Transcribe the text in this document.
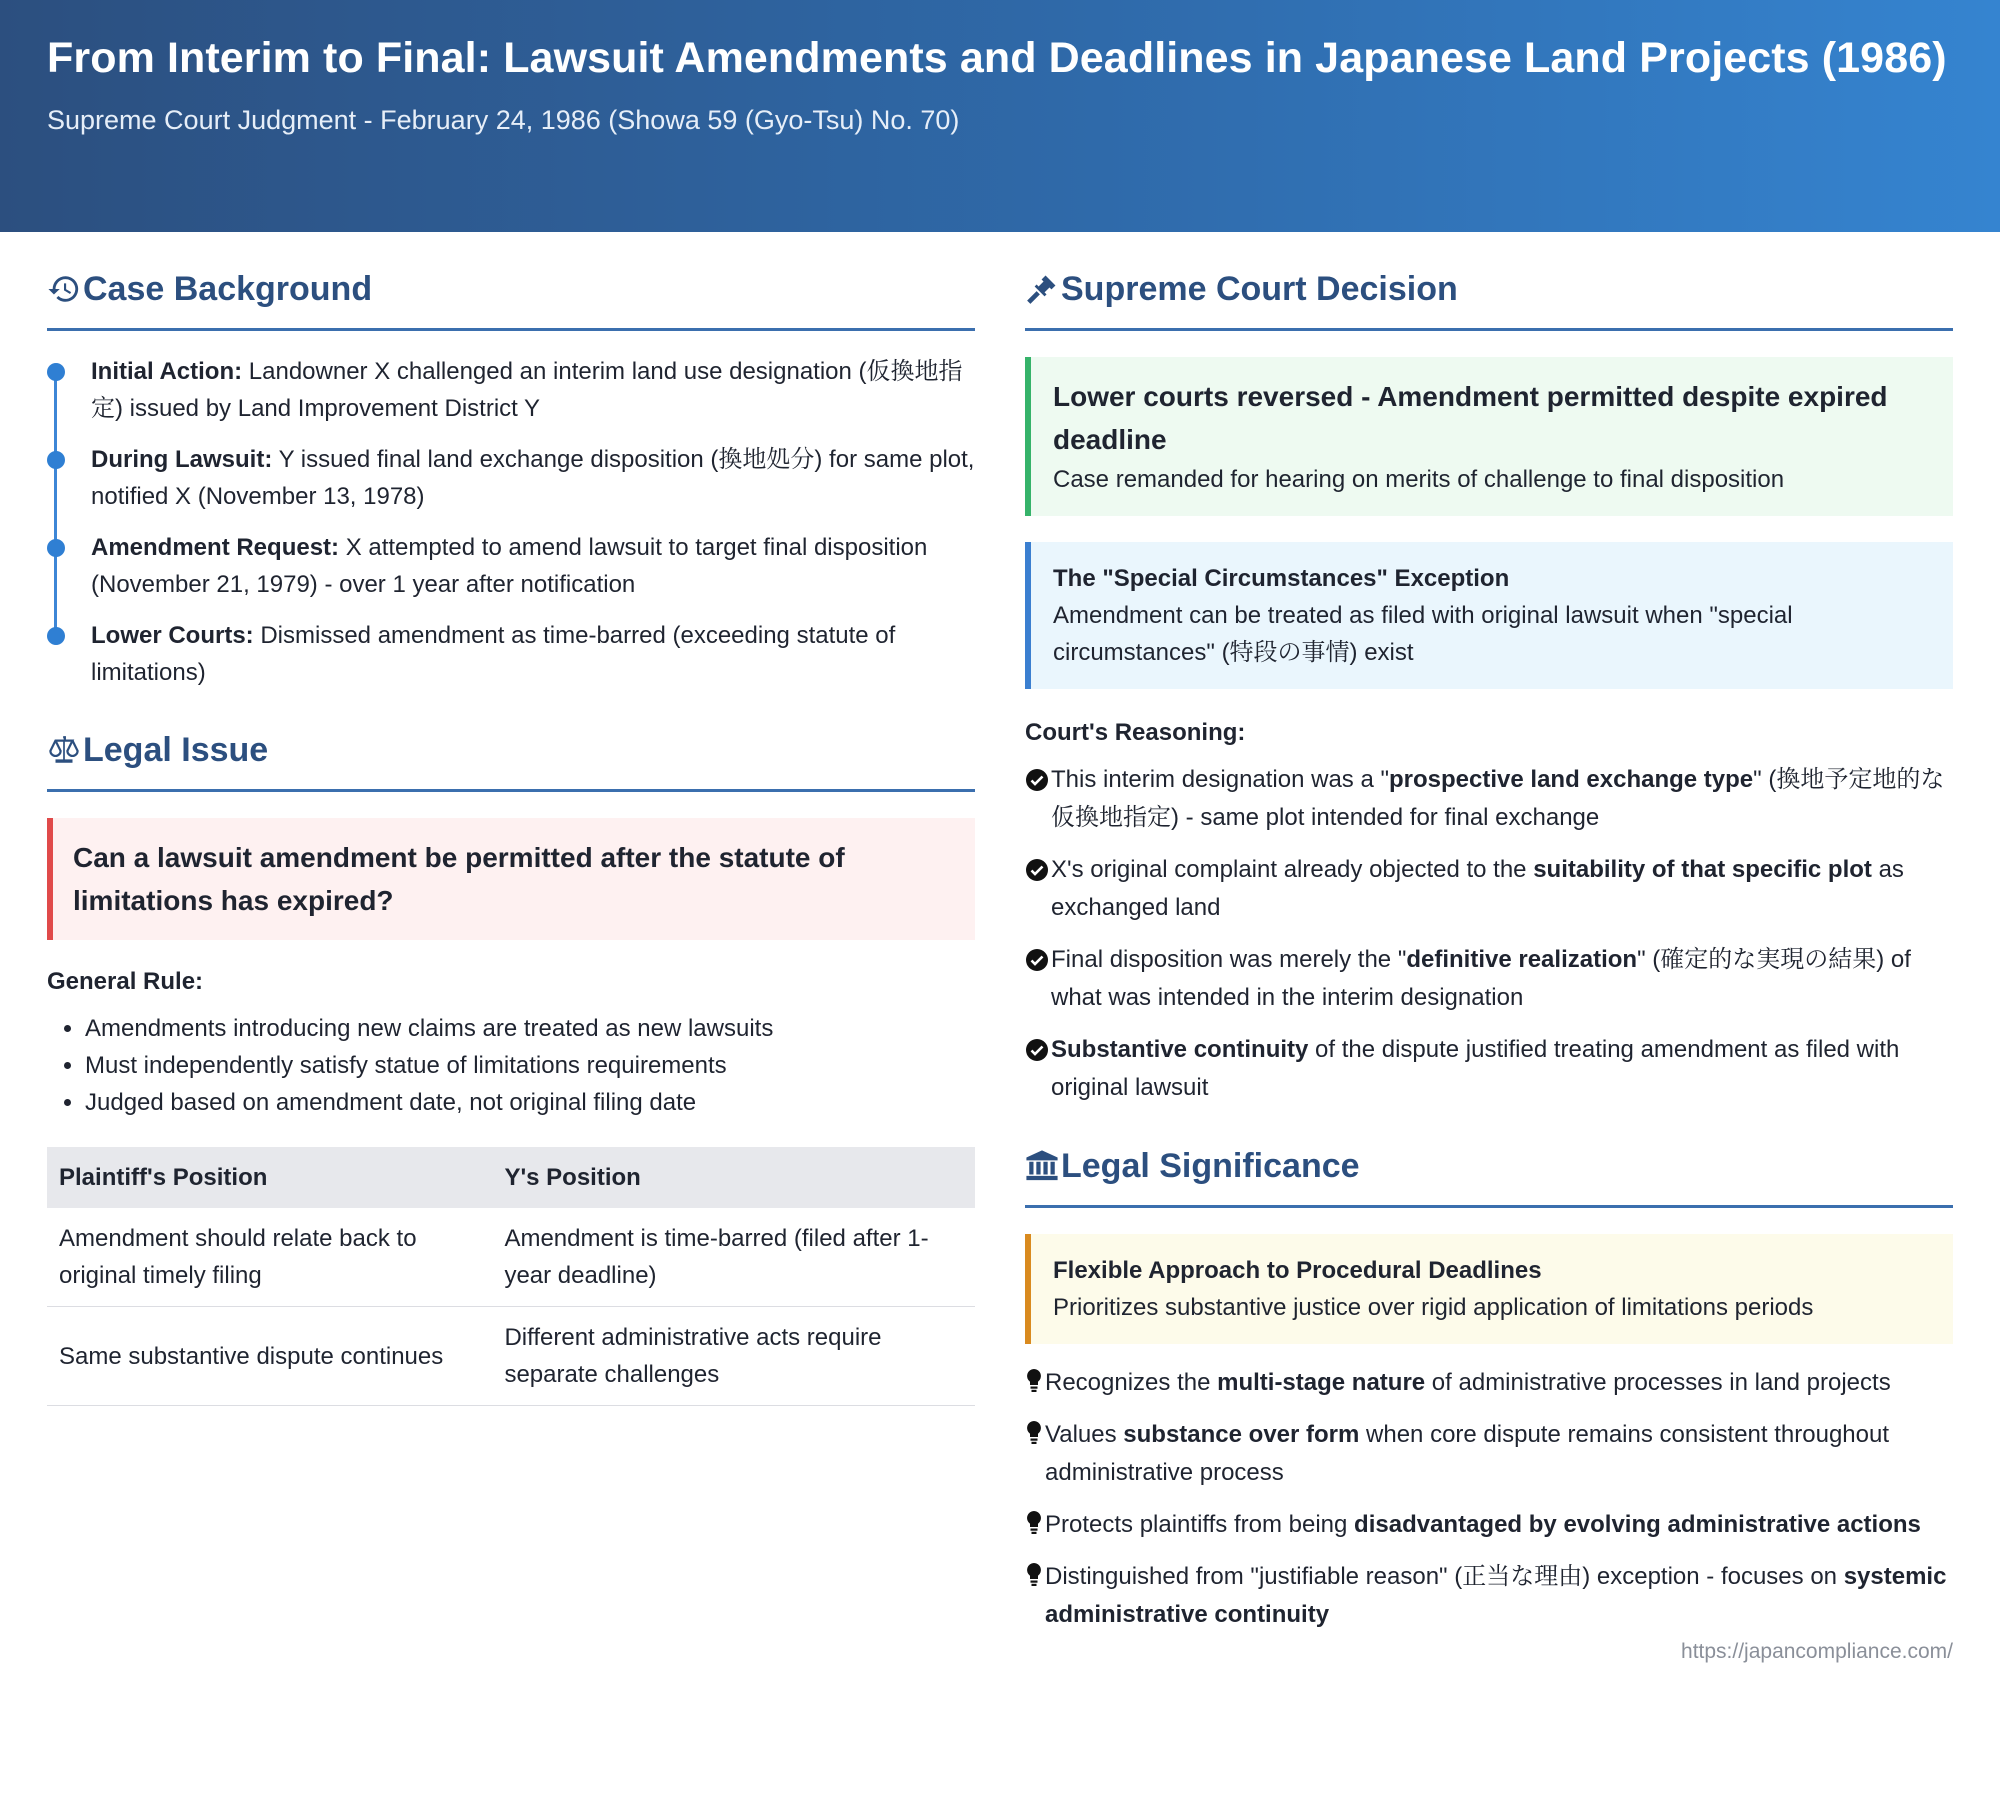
From Interim to Final: Lawsuit Amendments and Deadlines in Japanese Land Projects (1986)
Supreme Court Judgment - February 24, 1986 (Showa 59 (Gyo-Tsu) No. 70)
Case Background
Initial Action: Landowner X challenged an interim land use designation (仮換地指定) issued by Land Improvement District Y
During Lawsuit: Y issued final land exchange disposition (換地処分) for same plot, notified X (November 13, 1978)
Amendment Request: X attempted to amend lawsuit to target final disposition (November 21, 1979) - over 1 year after notification
Lower Courts: Dismissed amendment as time-barred (exceeding statute of limitations)
Legal Issue
Can a lawsuit amendment be permitted after the statute of limitations has expired?
General Rule:
• Amendments introducing new claims are treated as new lawsuits
• Must independently satisfy statue of limitations requirements
• Judged based on amendment date, not original filing date
Plaintiff's Position	Y's Position
Amendment should relate back to original timely filing	Amendment is time-barred (filed after 1-year deadline)
Same substantive dispute continues	Different administrative acts require separate challenges
Supreme Court Decision
Lower courts reversed - Amendment permitted despite expired deadline
Case remanded for hearing on merits of challenge to final disposition
The "Special Circumstances" Exception
Amendment can be treated as filed with original lawsuit when "special circumstances" (特段の事情) exist
Court's Reasoning:
This interim designation was a "prospective land exchange type" (換地予定地的な仮換地指定) - same plot intended for final exchange
X's original complaint already objected to the suitability of that specific plot as exchanged land
Final disposition was merely the "definitive realization" (確定的な実現の結果) of what was intended in the interim designation
Substantive continuity of the dispute justified treating amendment as filed with original lawsuit
Legal Significance
Flexible Approach to Procedural Deadlines
Prioritizes substantive justice over rigid application of limitations periods
Recognizes the multi-stage nature of administrative processes in land projects
Values substance over form when core dispute remains consistent throughout administrative process
Protects plaintiffs from being disadvantaged by evolving administrative actions
Distinguished from "justifiable reason" (正当な理由) exception - focuses on systemic administrative continuity
https://japancompliance.com/
